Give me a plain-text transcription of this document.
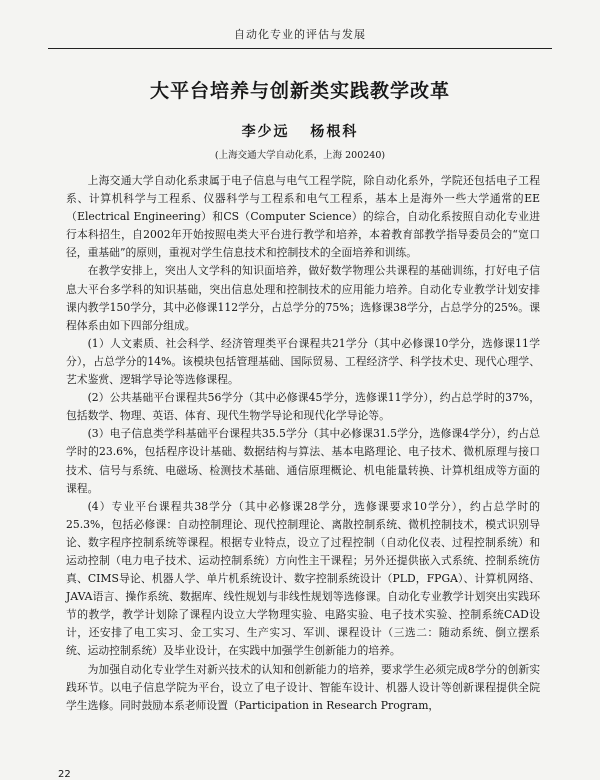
自动化专业的评估与发展
大平台培养与创新类实践教学改革
李少远 杨根科
(上海交通大学自动化系，上海 200240)

上海交通大学自动化系隶属于电子信息与电气工程学院，除自动化系外，学院还包括电子工程系、计算机科学与工程系、仪器科学与工程系和电气工程系，基本上是海外一些大学通常的EE（Electrical Engineering）和CS（Computer Science）的综合，自动化系按照自动化专业进行本科招生，自2002年开始按照电类大平台进行教学和培养，本着教育部教学指导委员会的“宽口径，重基础”的原则，重视对学生信息技术和控制技术的全面培养和训练。

在教学安排上，突出人文学科的知识面培养，做好数学物理公共课程的基础训练，打好电子信息大平台多学科的知识基础，突出信息处理和控制技术的应用能力培养。自动化专业教学计划安排课内教学150学分，其中必修课112学分，占总学分的75%；选修课38学分，占总学分的25%。课程体系由如下四部分组成。

(1）人文素质、社会科学、经济管理类平台课程共21学分（其中必修课10学分，选修课11学分），占总学分的14%。该模块包括管理基础、国际贸易、工程经济学、科学技术史、现代心理学、艺术鉴赏、逻辑学导论等选修课程。

(2）公共基础平台课程共56学分（其中必修课45学分，选修课11学分），约占总学时的37%，包括数学、物理、英语、体育、现代生物学导论和现代化学导论等。

(3）电子信息类学科基础平台课程共35.5学分（其中必修课31.5学分，选修课4学分），约占总学时的23.6%，包括程序设计基础、数据结构与算法、基本电路理论、电子技术、微机原理与接口技术、信号与系统、电磁场、检测技术基础、通信原理概论、机电能量转换、计算机组成等方面的课程。

(4）专业平台课程共38学分（其中必修课28学分，选修课要求10学分），约占总学时的25.3%，包括必修课：自动控制理论、现代控制理论、离散控制系统、微机控制技术，模式识别导论、数字程序控制系统等课程。根据专业特点，设立了过程控制（自动化仪表、过程控制系统）和运动控制（电力电子技术、运动控制系统）方向性主干课程；另外还提供嵌入式系统、控制系统仿真、CIMS导论、机器人学、单片机系统设计、数字控制系统设计（PLD，FPGA）、计算机网络、JAVA语言、操作系统、数据库、线性规划与非线性规划等选修课。自动化专业教学计划突出实践环节的教学，教学计划除了课程内设立大学物理实验、电路实验、电子技术实验、控制系统CAD设计，还安排了电工实习、金工实习、生产实习、军训、课程设计（三选二：随动系统、倒立摆系统、运动控制系统）及毕业设计，在实践中加强学生创新能力的培养。

为加强自动化专业学生对新兴技术的认知和创新能力的培养，要求学生必须完成8学分的创新实践环节。以电子信息学院为平台，设立了电子设计、智能车设计、机器人设计等创新课程提供全院学生选修。同时鼓励本系老师设置（Participation in Research Program，

22
